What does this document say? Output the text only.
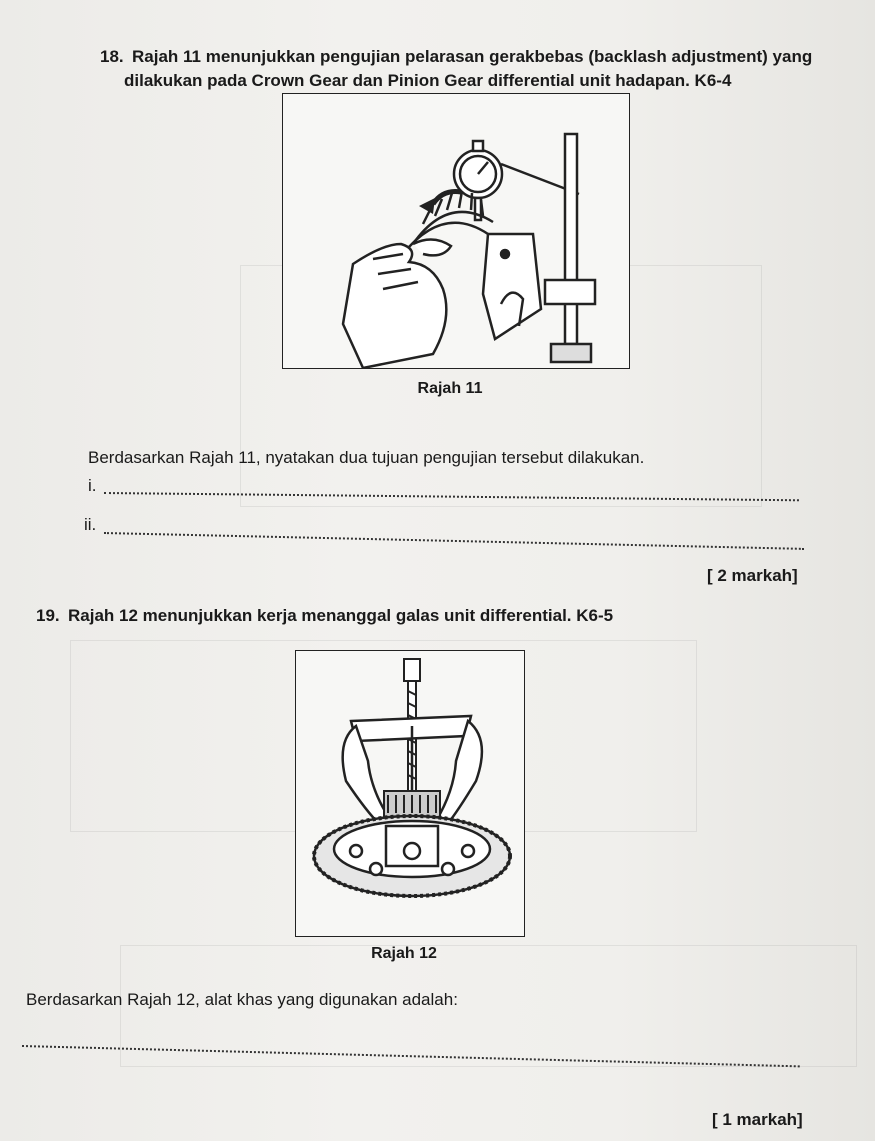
18. Rajah 11 menunjukkan pengujian pelarasan gerakbebas (backlash adjustment) yang
dilakukan pada Crown Gear dan Pinion Gear differential unit hadapan. K6-4
Rajah 11
Berdasarkan Rajah 11, nyatakan dua tujuan pengujian tersebut dilakukan.
i.
ii.
[ 2 markah]
19. Rajah 12 menunjukkan kerja menanggal galas unit differential. K6-5
Rajah 12
Berdasarkan Rajah 12, alat khas yang digunakan adalah:
[ 1 markah]
